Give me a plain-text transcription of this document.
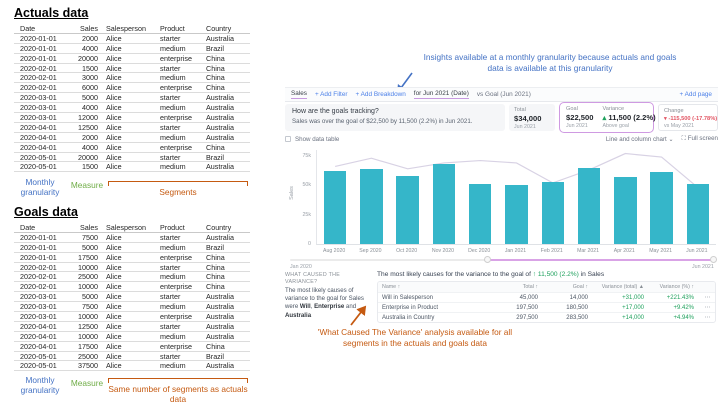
Actuals data
Date	Sales	Salesperson	Product	Country
2020-01-01	2000	Alice	starter	Australia
2020-01-01	4000	Alice	medium	Brazil
2020-01-01	20000	Alice	enterprise	China
2020-02-01	1500	Alice	starter	China
2020-02-01	3000	Alice	medium	China
2020-02-01	6000	Alice	enterprise	China
2020-03-01	5000	Alice	starter	Australia
2020-03-01	4000	Alice	medium	Australia
2020-03-01	12000	Alice	enterprise	Australia
2020-04-01	12500	Alice	starter	Australia
2020-04-01	2000	Alice	medium	Australia
2020-04-01	4000	Alice	enterprise	China
2020-05-01	20000	Alice	starter	Brazil
2020-05-01	1500	Alice	medium	Australia
Monthly granularity
Measure
Segments
Goals data
Date	Sales	Salesperson	Product	Country
2020-01-01	7500	Alice	starter	Australia
2020-01-01	5000	Alice	medium	Brazil
2020-01-01	17500	Alice	enterprise	China
2020-02-01	10000	Alice	starter	China
2020-02-01	25000	Alice	medium	China
2020-02-01	10000	Alice	enterprise	China
2020-03-01	5000	Alice	starter	Australia
2020-03-01	7500	Alice	medium	Australia
2020-03-01	10000	Alice	enterprise	Australia
2020-04-01	12500	Alice	starter	Australia
2020-04-01	10000	Alice	medium	Australia
2020-04-01	17500	Alice	enterprise	China
2020-05-01	25000	Alice	starter	Brazil
2020-05-01	37500	Alice	medium	Australia
Monthly granularity
Measure
Same number of segments as actuals data
Insights available at a monthly granularity because actuals and goals data is available at this granularity
'What Caused The Variance' analysis available for all segments in the actuals and goals data
Sales + Add Filter + Add Breakdown for Jun 2021 (Date) vs Goal (Jun 2021)	+ Add page
How are the goals tracking?
Sales was over the goal of $22,500 by 11,500 (2.2%) in Jun 2021.
Total
$34,000
Jun 2021
Goal
$22,500
Jun 2021
Variance
▴ 11,500 (2.2%)
Above goal
Change
▾ -115,500 (-17.78%)
vs May 2021
Show data table	Line and column chart ⌄ ⛶ Full screen
Sales
75k
50k
25k
0
Aug 2020	Sep 2020	Oct 2020	Nov 2020	Dec 2020	Jan 2021	Feb 2021	Mar 2021	Apr 2021	May 2021	Jun 2021
Jan 2020	Jun 2021
WHAT CAUSED THE VARIANCE?
The most likely causes of variance to the goal for Sales were Will, Enterprise and Australia
The most likely causes for the variance to the goal of ↑ 11,500 (2.2%) in Sales
Name ↑	Total ↑	Goal ↑	Variance (total) ▲	Variance (%) ↑
Will in Salesperson	45,000	14,000	+31,000	+221.43%	⋯
Enterprise in Product	197,500	180,500	+17,000	+9.42%	⋯
Australia in Country	297,500	283,500	+14,000	+4.94%	⋯
